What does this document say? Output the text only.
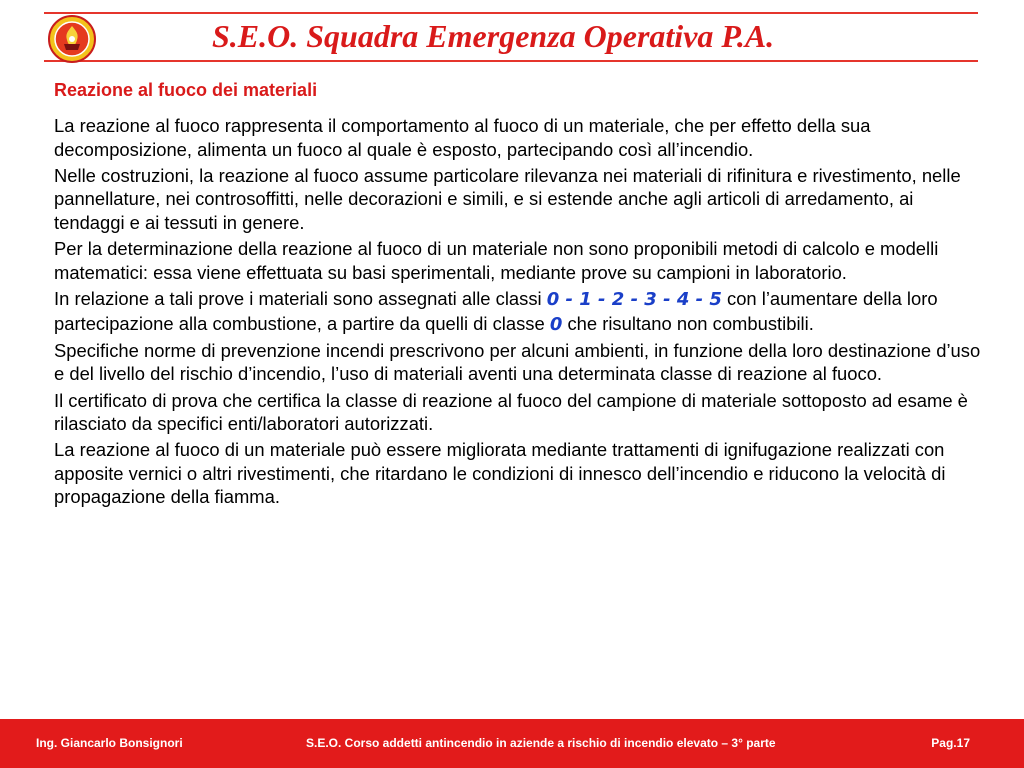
S.E.O. Squadra Emergenza Operativa P.A.
Reazione al fuoco dei materiali

La reazione al fuoco rappresenta il comportamento al fuoco di un materiale, che per effetto della sua decomposizione, alimenta un fuoco al quale è esposto, partecipando così all’incendio.

Nelle costruzioni, la reazione al fuoco assume particolare rilevanza nei materiali di rifinitura e rivestimento, nelle pannellature, nei controsoffitti, nelle decorazioni e simili, e si estende anche agli articoli di arredamento, ai tendaggi e ai tessuti in genere.

Per la determinazione della reazione al fuoco di un materiale non sono proponibili metodi di calcolo e modelli matematici: essa viene effettuata su basi sperimentali, mediante prove su campioni in laboratorio.

In relazione a tali prove i materiali sono assegnati alle classi 0 - 1 - 2 - 3 - 4 - 5 con l’aumentare della loro partecipazione alla combustione, a partire da quelli di classe 0 che risultano non combustibili.

Specifiche norme di prevenzione incendi prescrivono per alcuni ambienti, in funzione della loro destinazione d’uso e del livello del rischio d’incendio, l’uso di materiali aventi una determinata classe di reazione al fuoco.

Il certificato di prova che certifica la classe di reazione al fuoco del campione di materiale sottoposto ad esame è rilasciato da specifici enti/laboratori autorizzati.

La reazione al fuoco di un materiale può essere migliorata mediante trattamenti di ignifugazione realizzati con apposite vernici o altri rivestimenti, che ritardano le condizioni di innesco dell’incendio e riducono la velocità di propagazione della fiamma.

Ing. Giancarlo Bonsignori	S.E.O. Corso addetti antincendio in aziende a rischio di incendio elevato – 3° parte	Pag.17
